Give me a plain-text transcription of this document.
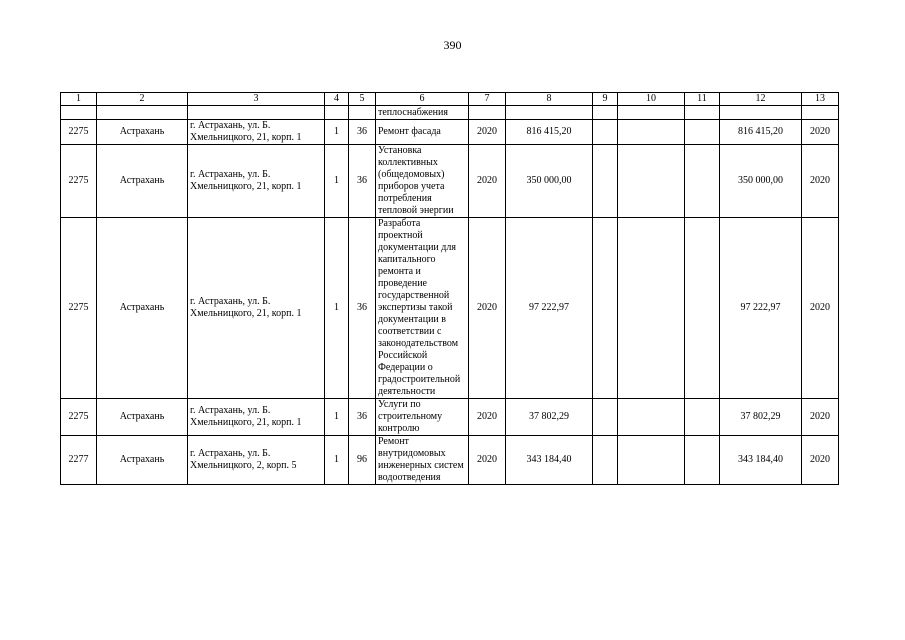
390
1	2	3	4	5	6	7	8	9	10	11	12	13
					теплоснабжения							
2275	Астрахань	г. Астрахань, ул. Б. Хмельницкого, 21, корп. 1	1	36	Ремонт фасада	2020	816 415,20				816 415,20	2020
2275	Астрахань	г. Астрахань, ул. Б. Хмельницкого, 21, корп. 1	1	36	Установка коллективных (общедомовых) приборов учета потребления тепловой энергии	2020	350 000,00				350 000,00	2020
2275	Астрахань	г. Астрахань, ул. Б. Хмельницкого, 21, корп. 1	1	36	Разработа проектной документации для капитального ремонта и проведение государственной экспертизы такой документации в соответствии с законодательством Российской Федерации о градостроительной деятельности	2020	97 222,97				97 222,97	2020
2275	Астрахань	г. Астрахань, ул. Б. Хмельницкого, 21, корп. 1	1	36	Услуги по строительному контролю	2020	37 802,29				37 802,29	2020
2277	Астрахань	г. Астрахань, ул. Б. Хмельницкого, 2, корп. 5	1	96	Ремонт внутридомовых инженерных систем водоотведения	2020	343 184,40				343 184,40	2020
